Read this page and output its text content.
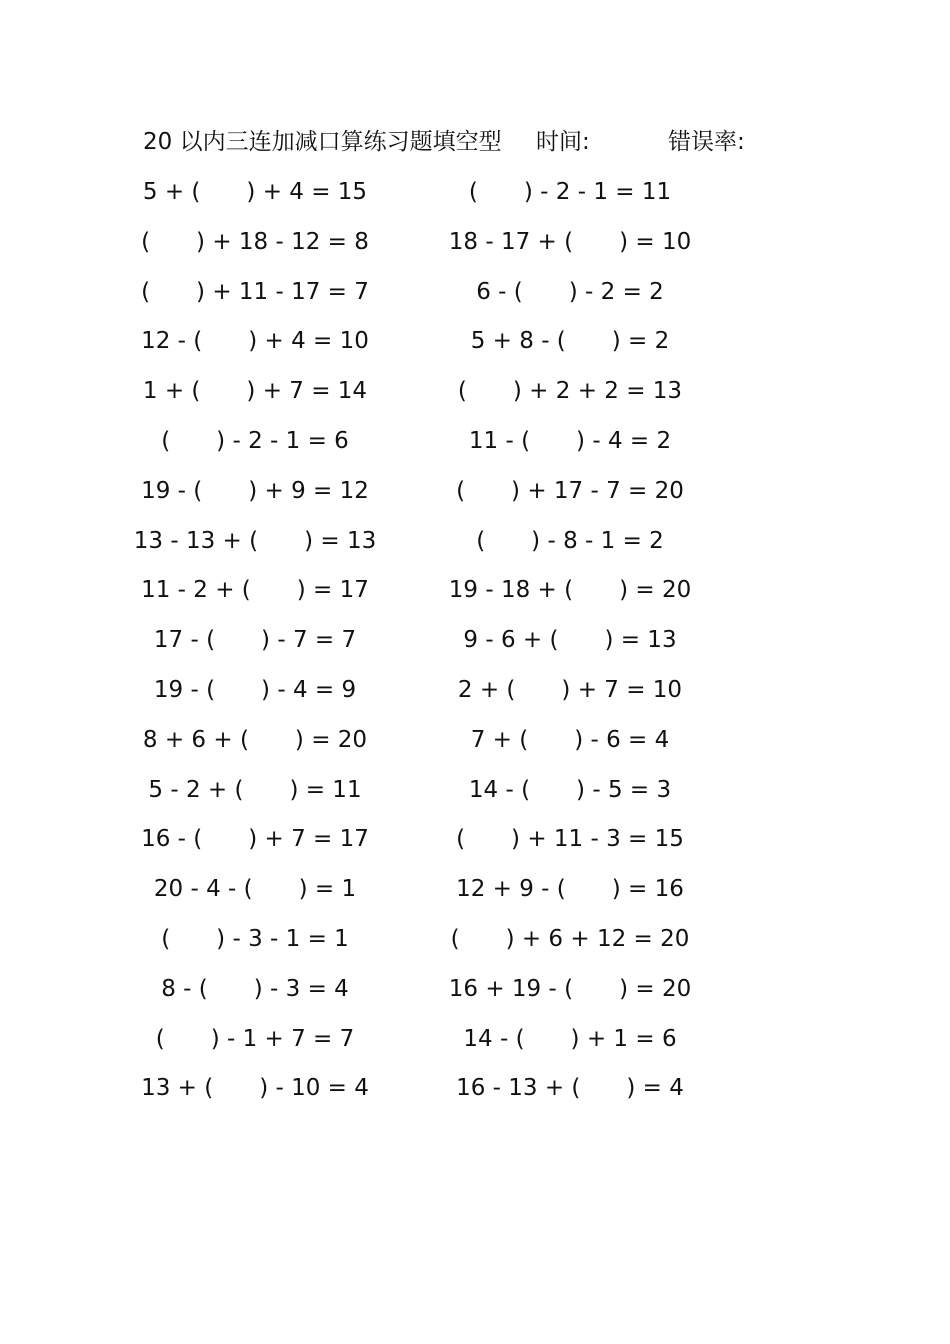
20 以内三连加减口算练习题填空型 时间:	错误率:
5 + (　　) + 4 = 15	(　　) - 2 - 1 = 11
(　　) + 18 - 12 = 8	18 - 17 + (　　) = 10
(　　) + 11 - 17 = 7	6 - (　　) - 2 = 2
12 - (　　) + 4 = 10	5 + 8 - (　　) = 2
1 + (　　) + 7 = 14	(　　) + 2 + 2 = 13
(　　) - 2 - 1 = 6	11 - (　　) - 4 = 2
19 - (　　) + 9 = 12	(　　) + 17 - 7 = 20
13 - 13 + (　　) = 13	(　　) - 8 - 1 = 2
11 - 2 + (　　) = 17	19 - 18 + (　　) = 20
17 - (　　) - 7 = 7	9 - 6 + (　　) = 13
19 - (　　) - 4 = 9	2 + (　　) + 7 = 10
8 + 6 + (　　) = 20	7 + (　　) - 6 = 4
5 - 2 + (　　) = 11	14 - (　　) - 5 = 3
16 - (　　) + 7 = 17	(　　) + 11 - 3 = 15
20 - 4 - (　　) = 1	12 + 9 - (　　) = 16
(　　) - 3 - 1 = 1	(　　) + 6 + 12 = 20
8 - (　　) - 3 = 4	16 + 19 - (　　) = 20
(　　) - 1 + 7 = 7	14 - (　　) + 1 = 6
13 + (　　) - 10 = 4	16 - 13 + (　　) = 4
